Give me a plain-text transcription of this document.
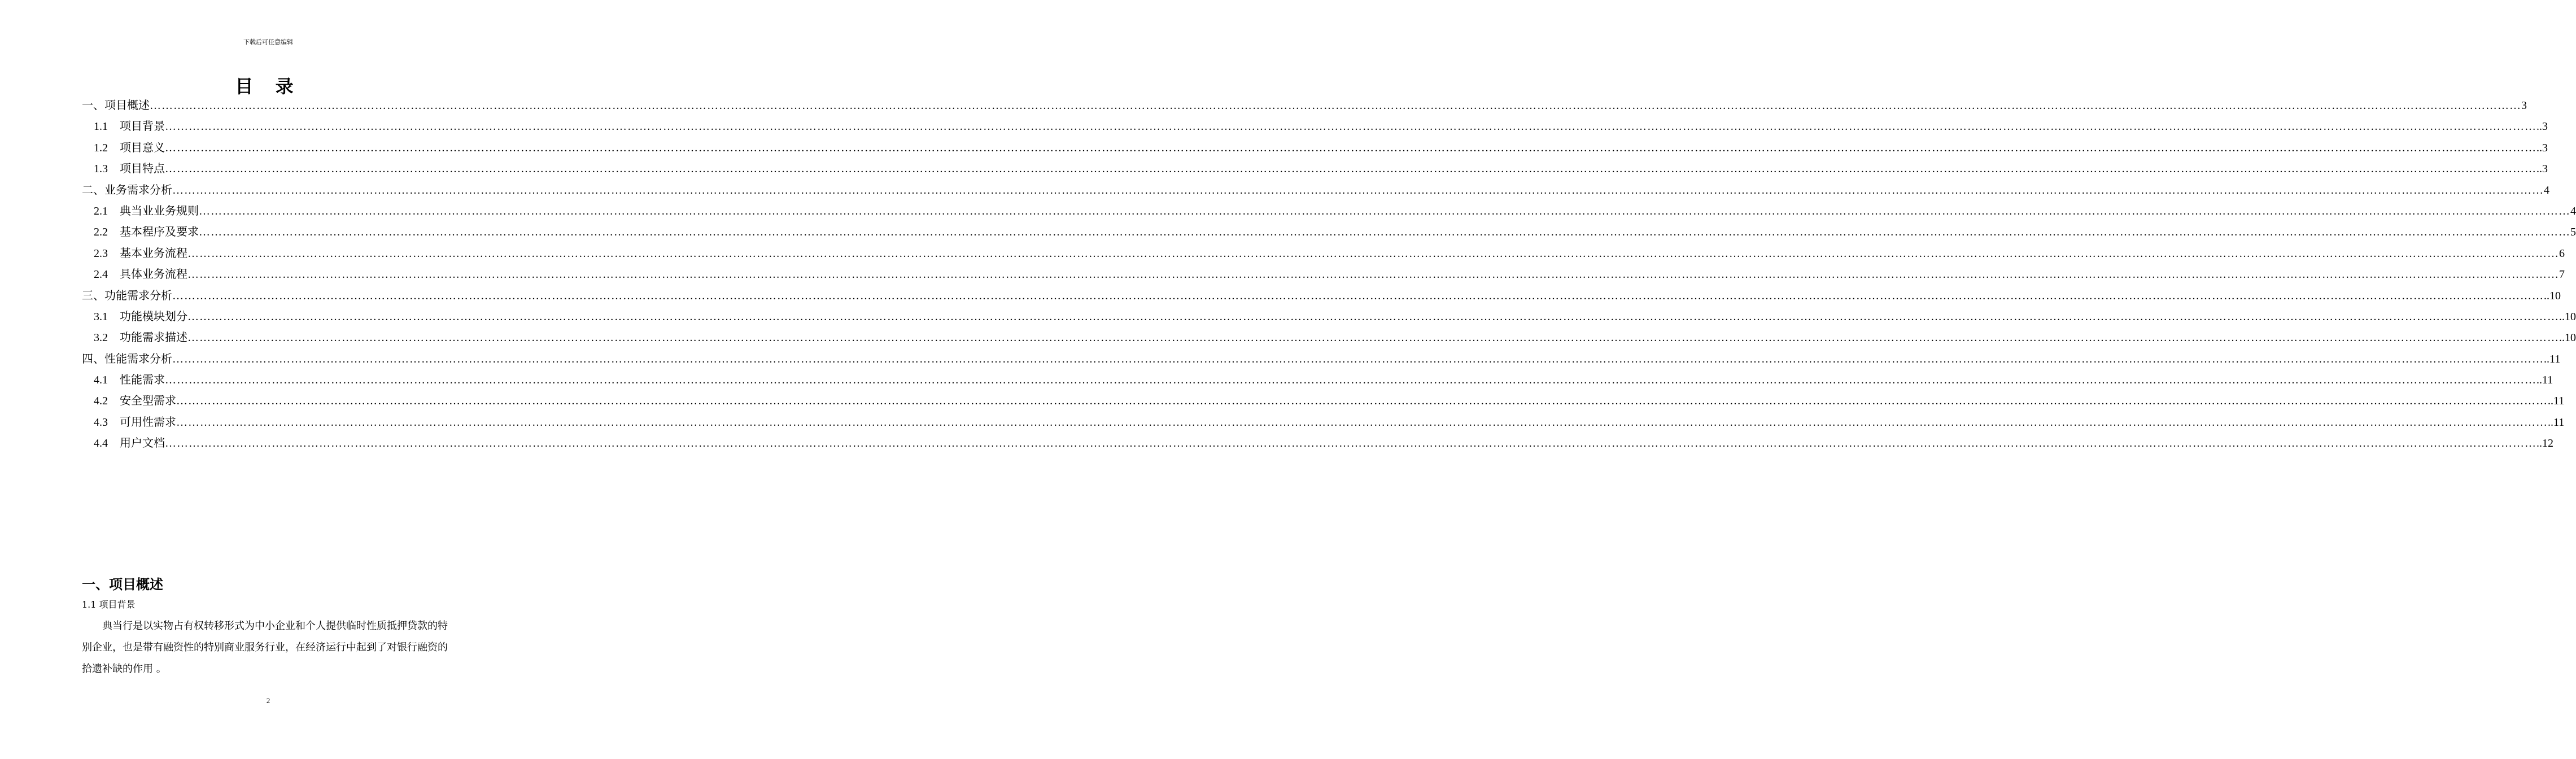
下载后可任意编辑
目 录
一、项目概述 …………………………………………………………………………………………………………………………………………………………………………………………………………………………………………………………………………………………………………………………………………………………………………………………………………………………………………………………………………………………………………………………………………………… 3
1.1 项目背景 …………………………………………………………………………………………………………………………………………………………………………………………………………………………………………………………………………………………………………………………………………………………………………………………………………………………………………………………………………………………………………………………………………………… ..3
1.2 项目意义 …………………………………………………………………………………………………………………………………………………………………………………………………………………………………………………………………………………………………………………………………………………………………………………………………………………………………………………………………………………………………………………………………………………… ..3
1.3 项目特点 …………………………………………………………………………………………………………………………………………………………………………………………………………………………………………………………………………………………………………………………………………………………………………………………………………………………………………………………………………………………………………………………………………………… ..3
二、业务需求分析 …………………………………………………………………………………………………………………………………………………………………………………………………………………………………………………………………………………………………………………………………………………………………………………………………………………………………………………………………………………………………………………………………………………… 4
2.1 典当业业务规则 …………………………………………………………………………………………………………………………………………………………………………………………………………………………………………………………………………………………………………………………………………………………………………………………………………………………………………………………………………………………………………………………………………………… 4
2.2 基本程序及要求 …………………………………………………………………………………………………………………………………………………………………………………………………………………………………………………………………………………………………………………………………………………………………………………………………………………………………………………………………………………………………………………………………………………… 5
2.3 基本业务流程 …………………………………………………………………………………………………………………………………………………………………………………………………………………………………………………………………………………………………………………………………………………………………………………………………………………………………………………………………………………………………………………………………………………… 6
2.4 具体业务流程 …………………………………………………………………………………………………………………………………………………………………………………………………………………………………………………………………………………………………………………………………………………………………………………………………………………………………………………………………………………………………………………………………………………… 7
三、功能需求分析 …………………………………………………………………………………………………………………………………………………………………………………………………………………………………………………………………………………………………………………………………………………………………………………………………………………………………………………………………………………………………………………………………………………… ..10
3.1 功能模块划分 …………………………………………………………………………………………………………………………………………………………………………………………………………………………………………………………………………………………………………………………………………………………………………………………………………………………………………………………………………………………………………………………………………………… ..10
3.2 功能需求描述 …………………………………………………………………………………………………………………………………………………………………………………………………………………………………………………………………………………………………………………………………………………………………………………………………………………………………………………………………………………………………………………………………………………… ..10
四、性能需求分析 …………………………………………………………………………………………………………………………………………………………………………………………………………………………………………………………………………………………………………………………………………………………………………………………………………………………………………………………………………………………………………………………………………………… ..11
4.1 性能需求 …………………………………………………………………………………………………………………………………………………………………………………………………………………………………………………………………………………………………………………………………………………………………………………………………………………………………………………………………………………………………………………………………………………… ..11
4.2 安全型需求 …………………………………………………………………………………………………………………………………………………………………………………………………………………………………………………………………………………………………………………………………………………………………………………………………………………………………………………………………………………………………………………………………………………… ..11
4.3 可用性需求 …………………………………………………………………………………………………………………………………………………………………………………………………………………………………………………………………………………………………………………………………………………………………………………………………………………………………………………………………………………………………………………………………………………… ..11
4.4 用户文档 …………………………………………………………………………………………………………………………………………………………………………………………………………………………………………………………………………………………………………………………………………………………………………………………………………………………………………………………………………………………………………………………………………………… ..12
一、项目概述
1.1 项目背景
典当行是以实物占有权转移形式为中小企业和个人提供临时性质抵押贷款的特别企业，也是带有融资性的特别商业服务行业，在经济运行中起到了对银行融资的拾遗补缺的作用 。
2
